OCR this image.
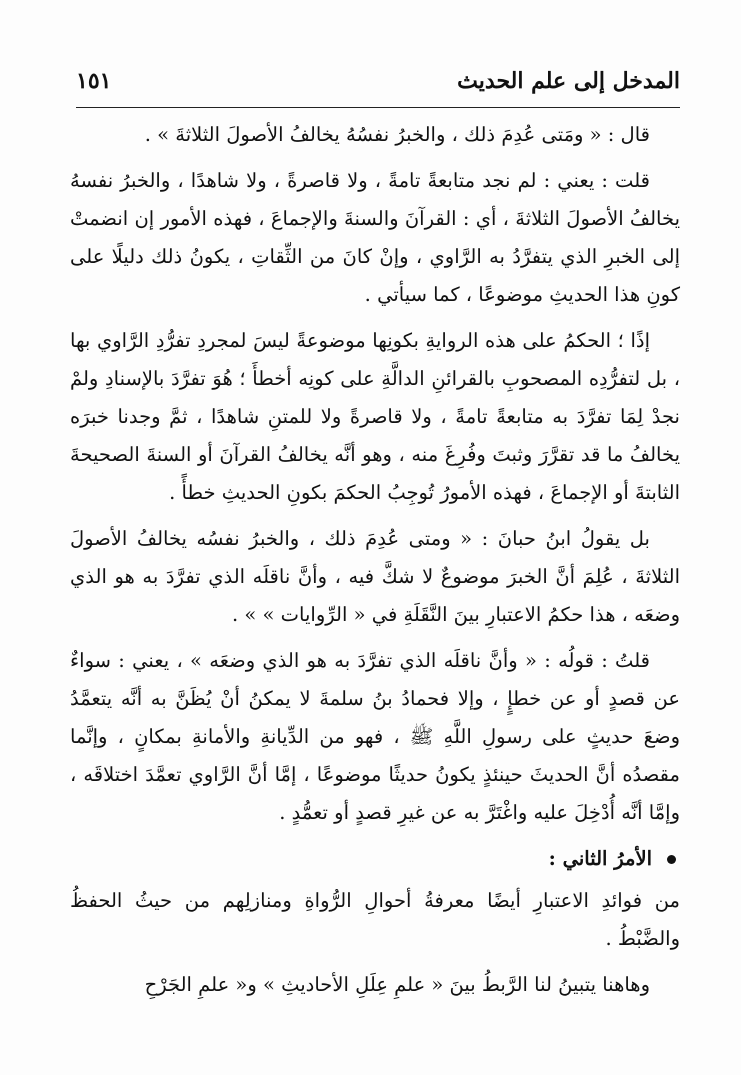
المدخل إلى علم الحديث
١٥١

قال : « ومَتى عُدِمَ ذلك ، والخبرُ نفسُهُ يخالفُ الأصولَ الثلاثةَ » .

قلت : يعني : لم نجد متابعةً تامةً ، ولا قاصرةً ، ولا شاهدًا ، والخبرُ نفسهُ يخالفُ الأصولَ الثلاثةَ ، أي : القرآنَ والسنةَ والإجماعَ ، فهذه الأمور إن انضمتْ إلى الخبرِ الذي يتفرَّدُ به الرَّاوي ، وإنْ كانَ من الثِّقاتِ ، يكونُ ذلك دليلًا على كونِ هذا الحديثِ موضوعًا ، كما سيأتي .

إذًا ؛ الحكمُ على هذه الروايةِ بكونِها موضوعةً ليسَ لمجردِ تفرُّدِ الرَّاوي بها ، بل لتفرُّدِه المصحوبِ بالقرائنِ الدالَّةِ على كونِه أخطأَ ؛ هُوَ تفرَّدَ بالإسنادِ ولمْ نجدْ لِمَا تفرَّدَ به متابعةً تامةً ، ولا قاصرةً ولا للمتنِ شاهدًا ، ثمَّ وجدنا خبرَه يخالفُ ما قد تقرَّرَ وثبتَ وفُرِغَ منه ، وهو أنَّه يخالفُ القرآنَ أو السنةَ الصحيحةَ الثابتةَ أو الإجماعَ ، فهذه الأمورُ تُوجِبُ الحكمَ بكونِ الحديثِ خطأً .

بل يقولُ ابنُ حبانَ : « ومتى عُدِمَ ذلك ، والخبرُ نفسُه يخالفُ الأصولَ الثلاثةَ ، عُلِمَ أنَّ الخبرَ موضوعٌ لا شكَّ فيه ، وأنَّ ناقلَه الذي تفرَّدَ به هو الذي وضعَه ، هذا حكمُ الاعتبارِ بينَ النَّقَلَةِ في « الرِّوايات » » .

قلتُ : قولُه : « وأنَّ ناقلَه الذي تفرَّدَ به هو الذي وضعَه » ، يعني : سواءٌ عن قصدٍ أو عن خطإٍ ، وإلا فحمادُ بنُ سلمةَ لا يمكنُ أنْ يُظَنَّ به أنَّه يتعمَّدُ وضعَ حديثٍ على رسولِ اللَّهِ ﷺ ، فهو من الدِّيانةِ والأمانةِ بمكانٍ ، وإنَّما مقصدُه أنَّ الحديثَ حينئذٍ يكونُ حديثًا موضوعًا ، إمَّا أنَّ الرَّاوي تعمَّدَ اختلاقَه ، وإمَّا أنَّه أُدْخِلَ عليه واغْتَرَّ به عن غيرِ قصدٍ أو تعمُّدٍ .

الأمرُ الثاني :

من فوائدِ الاعتبارِ أيضًا معرفةُ أحوالِ الرُّواةِ ومنازلِهم من حيثُ الحفظُ والضَّبْطُ .

وهاهنا يتبينُ لنا الرَّبطُ بينَ « علمِ عِلَلِ الأحاديثِ » و« علمِ الجَرْحِ
